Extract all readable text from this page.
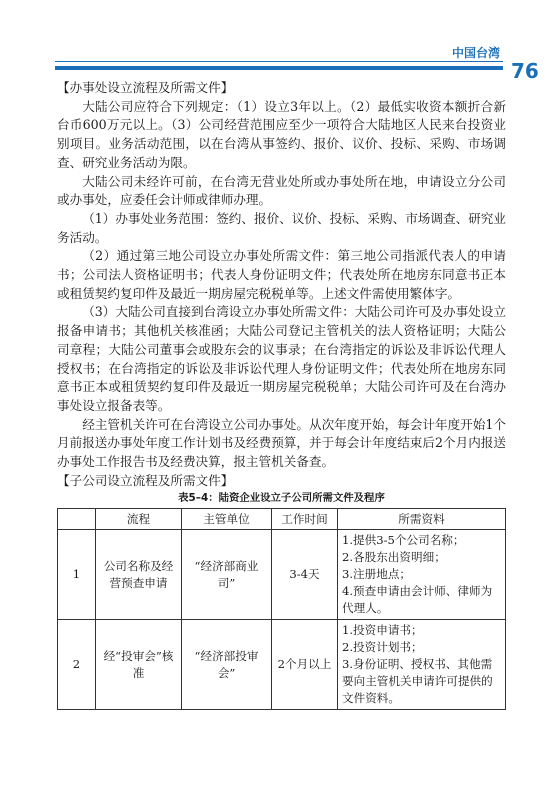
中国台湾
76

【办事处设立流程及所需文件】

大陆公司应符合下列规定：（1）设立3年以上。（2）最低实收资本额折合新台币600万元以上。（3）公司经营范围应至少一项符合大陆地区人民来台投资业别项目。业务活动范围，以在台湾从事签约、报价、议价、投标、采购、市场调查、研究业务活动为限。

大陆公司未经许可前，在台湾无营业处所或办事处所在地，申请设立分公司或办事处，应委任会计师或律师办理。

（1）办事处业务范围：签约、报价、议价、投标、采购、市场调查、研究业务活动。

（2）通过第三地公司设立办事处所需文件：第三地公司指派代表人的申请书；公司法人资格证明书；代表人身份证明文件；代表处所在地房东同意书正本或租赁契约复印件及最近一期房屋完税税单等。上述文件需使用繁体字。

（3）大陆公司直接到台湾设立办事处所需文件：大陆公司许可及办事处设立报备申请书；其他机关核准函；大陆公司登记主管机关的法人资格证明；大陆公司章程；大陆公司董事会或股东会的议事录；在台湾指定的诉讼及非诉讼代理人授权书；在台湾指定的诉讼及非诉讼代理人身份证明文件；代表处所在地房东同意书正本或租赁契约复印件及最近一期房屋完税税单；大陆公司许可及在台湾办事处设立报备表等。

经主管机关许可在台湾设立公司办事处。从次年度开始，每会计年度开始1个月前报送办事处年度工作计划书及经费预算，并于每会计年度结束后2个月内报送办事处工作报告书及经费决算，报主管机关备查。

【子公司设立流程及所需文件】

表5–4：陆资企业设立子公司所需文件及程序
	流程	主管单位	工作时间	所需资料
1	公司名称及经营预查申请	“经济部商业司”	3-4天	1.提供3-5个公司名称；
2.各股东出资明细；
3.注册地点；
4.预查申请由会计师、律师为代理人。

2	经“投审会”核准	“经济部投审会”	2个月以上	1.投资申请书；
2.投资计划书；
3.身份证明、授权书、其他需要向主管机关申请许可提供的文件资料。
